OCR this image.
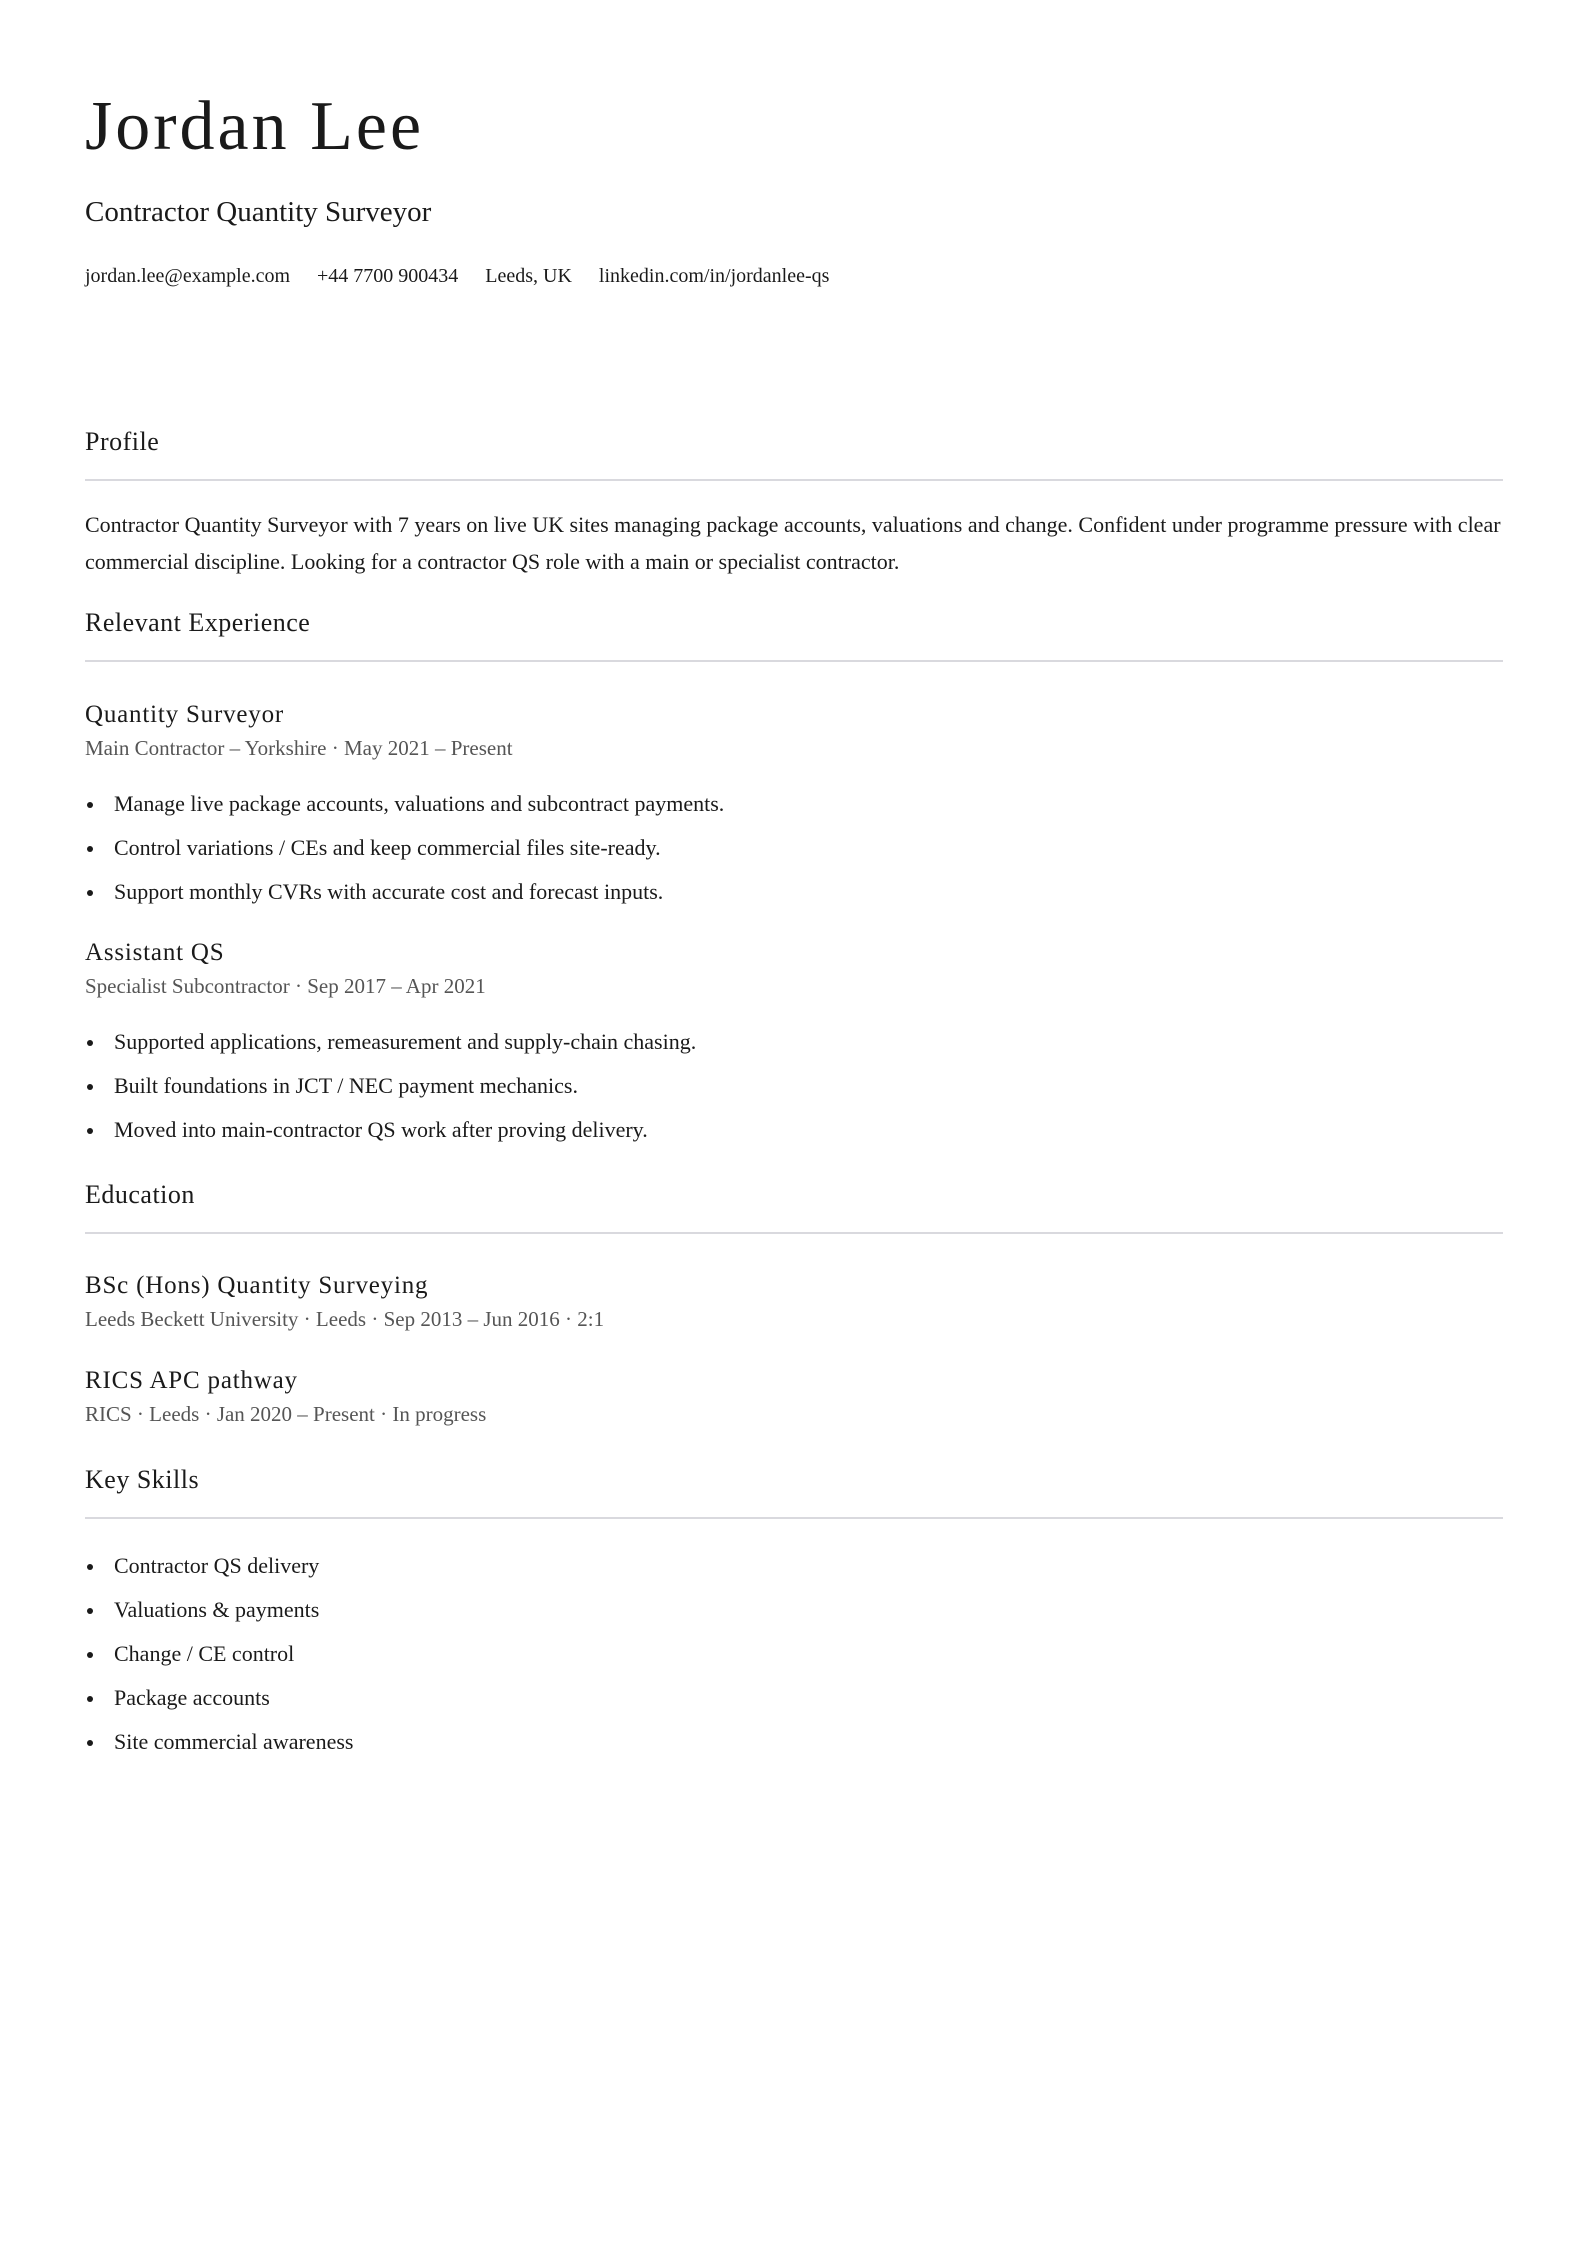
Jordan Lee
Contractor Quantity Surveyor
jordan.lee@example.com +44 7700 900434 Leeds, UK linkedin.com/in/jordanlee-qs
Profile

Contractor Quantity Surveyor with 7 years on live UK sites managing package accounts, valuations and change. Confident under programme pressure with clear commercial discipline. Looking for a contractor QS role with a main or specialist contractor.

Relevant Experience
Quantity Surveyor
Main Contractor – Yorkshire · May 2021 – Present
Manage live package accounts, valuations and subcontract payments.
Control variations / CEs and keep commercial files site-ready.
Support monthly CVRs with accurate cost and forecast inputs.
Assistant QS
Specialist Subcontractor · Sep 2017 – Apr 2021
Supported applications, remeasurement and supply-chain chasing.
Built foundations in JCT / NEC payment mechanics.
Moved into main-contractor QS work after proving delivery.
Education
BSc (Hons) Quantity Surveying
Leeds Beckett University · Leeds · Sep 2013 – Jun 2016 · 2:1
RICS APC pathway
RICS · Leeds · Jan 2020 – Present · In progress
Key Skills
Contractor QS delivery
Valuations & payments
Change / CE control
Package accounts
Site commercial awareness
